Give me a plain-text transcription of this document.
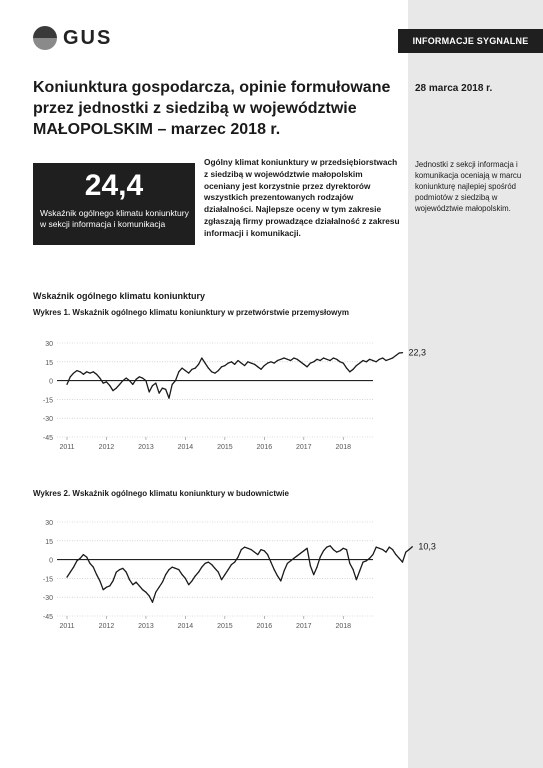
INFORMACJE SYGNALNE
GUS
Koniunktura gospodarcza, opinie formułowane przez jednostki z siedzibą w województwie MAŁOPOLSKIM – marzec 2018 r.
28 marca 2018 r.
24,4
Wskaźnik ogólnego klimatu koniunktury w sekcji informacja i komunikacja

Ogólny klimat koniunktury w przedsiębiorstwach z siedzibą w województwie małopolskim oceniany jest korzystnie przez dyrektorów wszystkich prezentowanych rodzajów działalności. Najlepsze oceny w tym zakresie zgłaszają firmy prowadzące działalność z zakresu informacji i komunikacji.

Jednostki z sekcji informacja i komunikacja oceniają w marcu koniunkturę najlepiej spośród podmiotów z siedzibą w województwie małopolskim.

Wskaźnik ogólnego klimatu koniunktury
Wykres 1. Wskaźnik ogólnego klimatu koniunktury w przetwórstwie przemysłowym
30
15
0
-15
-30
-45
2011	2012	2013	2014	2015	2016	2017	2018
22,3
Wykres 2. Wskaźnik ogólnego klimatu koniunktury w budownictwie
30
15
0
-15
-30
-45
2011	2012	2013	2014	2015	2016	2017	2018
10,3
